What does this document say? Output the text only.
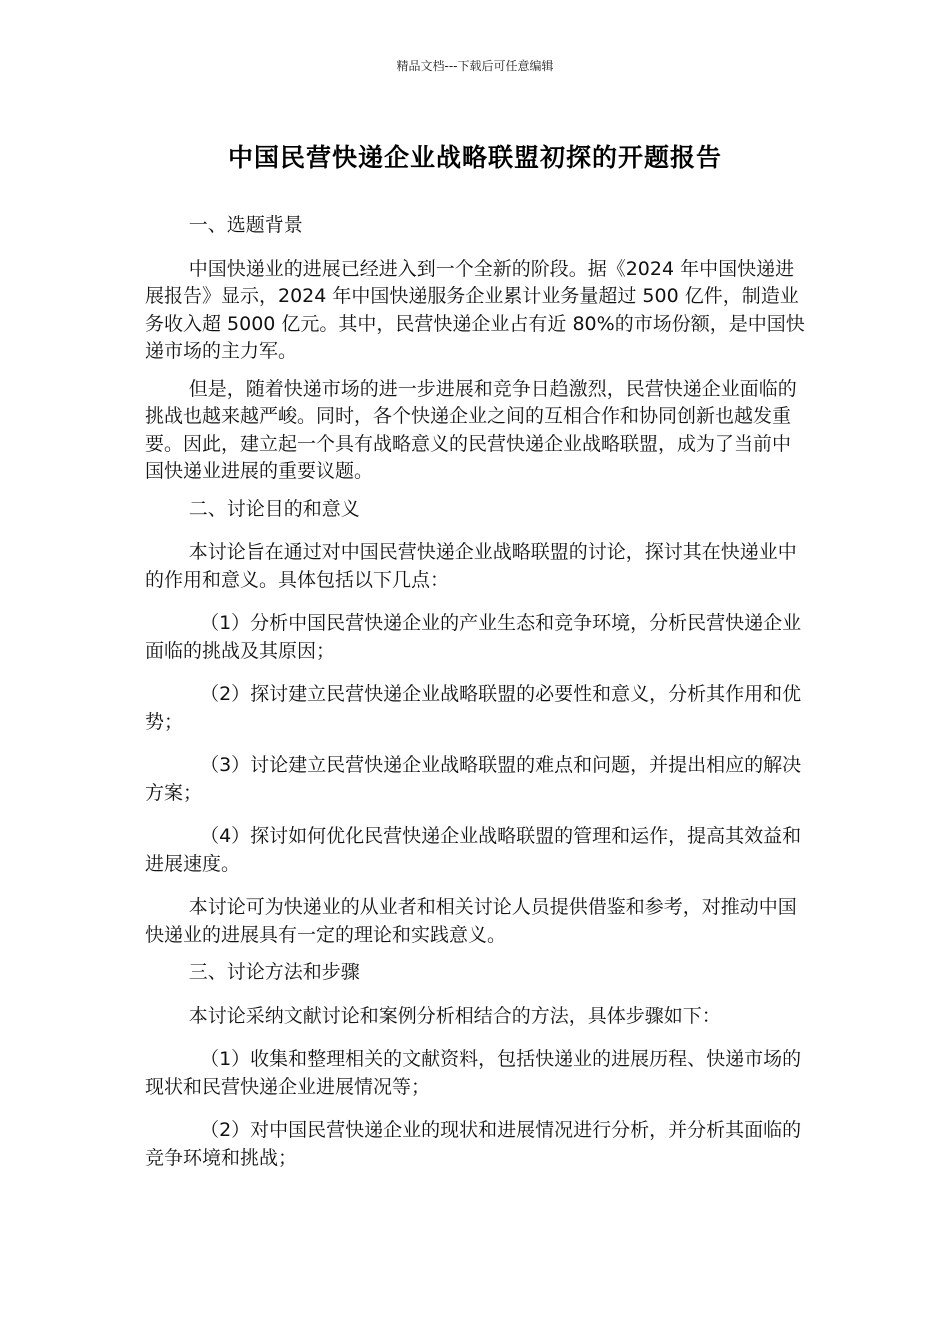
精品文档---下载后可任意编辑
中国民营快递企业战略联盟初探的开题报告

一、选题背景

中国快递业的进展已经进入到一个全新的阶段。据《2024 年中国快递进展报告》显示，2024 年中国快递服务企业累计业务量超过 500 亿件，制造业务收入超 5000 亿元。其中，民营快递企业占有近 80%的市场份额，是中国快递市场的主力军。

但是，随着快递市场的进一步进展和竞争日趋激烈，民营快递企业面临的挑战也越来越严峻。同时，各个快递企业之间的互相合作和协同创新也越发重要。因此，建立起一个具有战略意义的民营快递企业战略联盟，成为了当前中国快递业进展的重要议题。

二、讨论目的和意义

本讨论旨在通过对中国民营快递企业战略联盟的讨论，探讨其在快递业中的作用和意义。具体包括以下几点：

（1）分析中国民营快递企业的产业生态和竞争环境，分析民营快递企业面临的挑战及其原因；

（2）探讨建立民营快递企业战略联盟的必要性和意义，分析其作用和优势；

（3）讨论建立民营快递企业战略联盟的难点和问题，并提出相应的解决方案；

（4）探讨如何优化民营快递企业战略联盟的管理和运作，提高其效益和进展速度。

本讨论可为快递业的从业者和相关讨论人员提供借鉴和参考，对推动中国快递业的进展具有一定的理论和实践意义。

三、讨论方法和步骤

本讨论采纳文献讨论和案例分析相结合的方法，具体步骤如下：

（1）收集和整理相关的文献资料，包括快递业的进展历程、快递市场的现状和民营快递企业进展情况等；

（2）对中国民营快递企业的现状和进展情况进行分析，并分析其面临的竞争环境和挑战；
